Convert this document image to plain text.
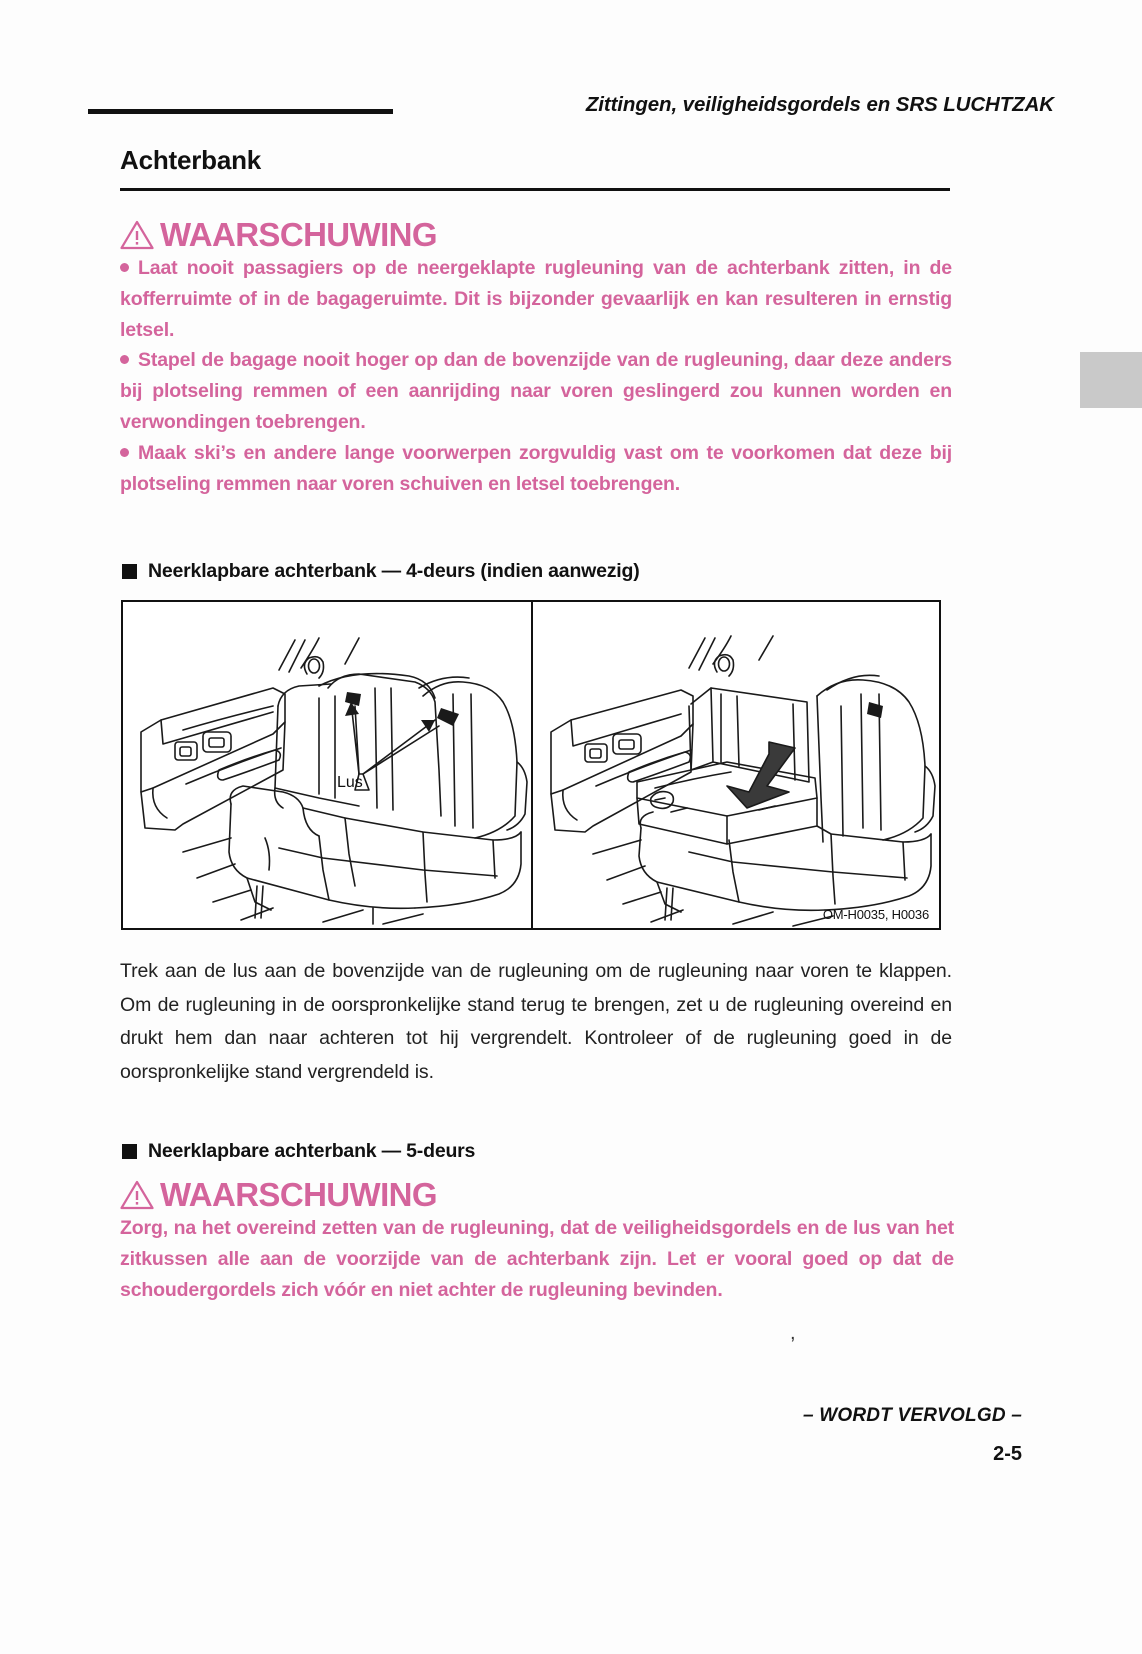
Zittingen, veiligheidsgordels en SRS LUCHTZAK
Achterbank
WAARSCHUWING

Laat nooit passagiers op de neergeklapte rugleuning van de achterbank zitten, in de kofferruimte of in de bagageruimte. Dit is bijzonder gevaarlijk en kan resulteren in ernstig letsel.

Stapel de bagage nooit hoger op dan de bovenzijde van de rugleuning, daar deze anders bij plotseling remmen of een aanrijding naar voren geslingerd zou kunnen worden en verwondingen toebrengen.

Maak ski’s en andere lange voorwerpen zorgvuldig vast om te voorkomen dat deze bij plotseling remmen naar voren schuiven en letsel toebrengen.

Neerklapbare achterbank — 4-deurs (indien aanwezig)
Lus
OM-H0035, H0036

Trek aan de lus aan de bovenzijde van de rugleuning om de rugleuning naar voren te klappen. Om de rugleuning in de oorspronkelijke stand terug te brengen, zet u de rugleuning overeind en drukt hem dan naar achteren tot hij vergrendelt. Kontroleer of de rugleuning goed in de oorspronkelijke stand vergrendeld is.

Neerklapbare achterbank — 5-deurs
WAARSCHUWING

Zorg, na het overeind zetten van de rugleuning, dat de veiligheidsgordels en de lus van het zitkussen alle aan de voorzijde van de achterbank zijn. Let er vooral goed op dat de schoudergordels zich vóór en niet achter de rugleuning bevinden.

,
– WORDT VERVOLGD –
2-5
